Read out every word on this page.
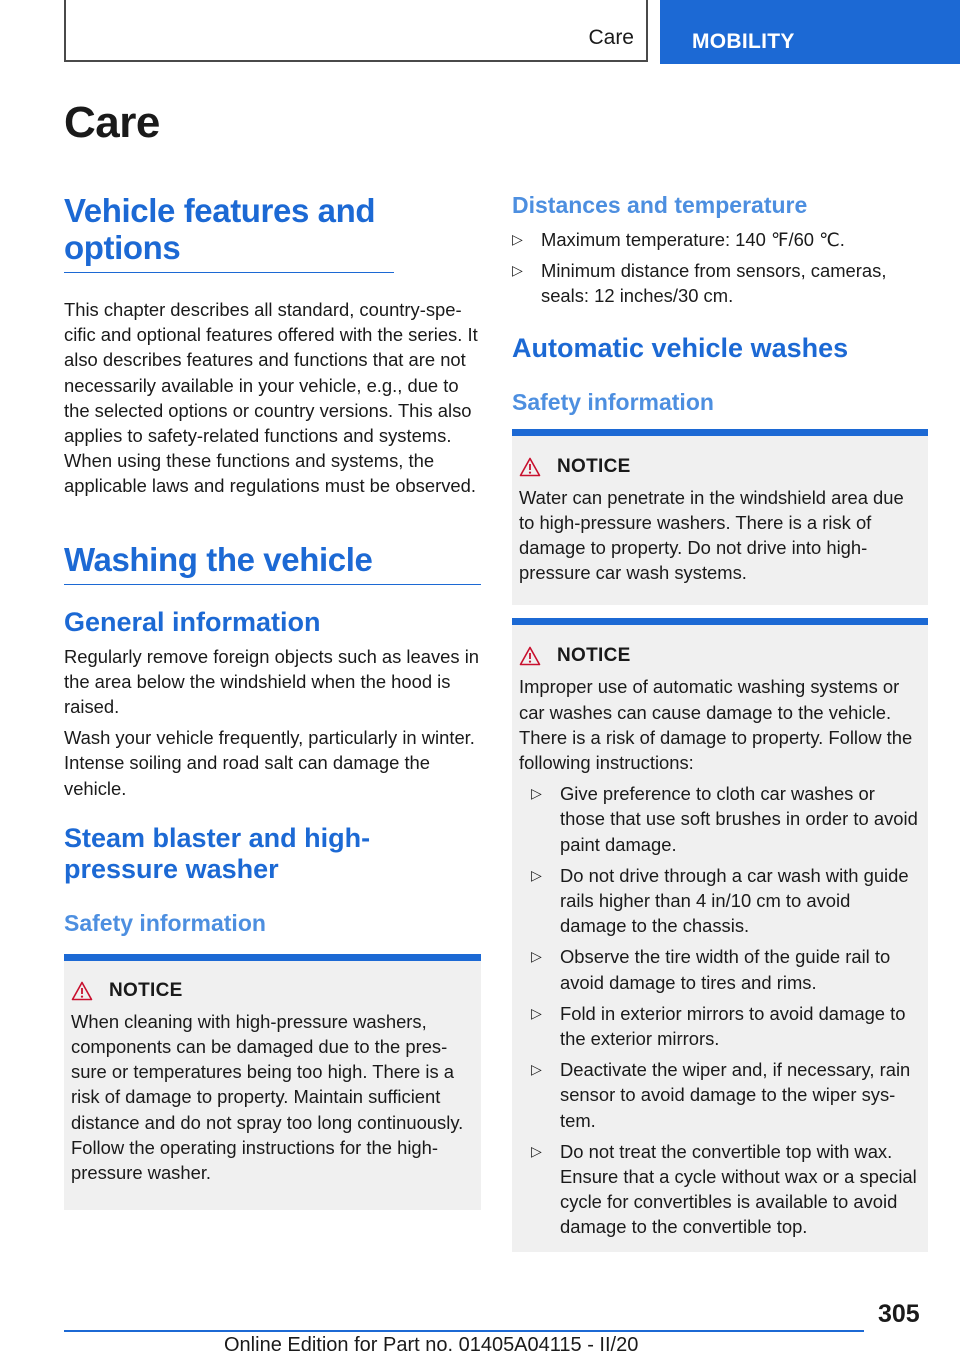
Care	MOBILITY
Care
Vehicle features and options

This chapter describes all standard, country-specific and optional features offered with the series. It also describes features and functions that are not necessarily available in your vehicle, e.g., due to the selected options or country versions. This also applies to safety-related functions and systems. When using these functions and systems, the applicable laws and regulations must be observed.

Washing the vehicle
General information

Regularly remove foreign objects such as leaves in the area below the windshield when the hood is raised.

Wash your vehicle frequently, particularly in winter. Intense soiling and road salt can damage the vehicle.

Steam blaster and high-pressure washer
Safety information
NOTICE

When cleaning with high-pressure washers, components can be damaged due to the pressure or temperatures being too high. There is a risk of damage to property. Maintain sufficient distance and do not spray too long continuously. Follow the operating instructions for the high-pressure washer.

Distances and temperature
▷ Maximum temperature: 140 ℉/60 ℃.
▷ Minimum distance from sensors, cameras, seals: 12 inches/30 cm.
Automatic vehicle washes
Safety information
NOTICE

Water can penetrate in the windshield area due to high-pressure washers. There is a risk of damage to property. Do not drive into high-pressure car wash systems.

NOTICE

Improper use of automatic washing systems or car washes can cause damage to the vehicle. There is a risk of damage to property. Follow the following instructions:

▷ Give preference to cloth car washes or those that use soft brushes in order to avoid paint damage.
▷ Do not drive through a car wash with guide rails higher than 4 in/10 cm to avoid damage to the chassis.
▷ Observe the tire width of the guide rail to avoid damage to tires and rims.
▷ Fold in exterior mirrors to avoid damage to the exterior mirrors.
▷ Deactivate the wiper and, if necessary, rain sensor to avoid damage to the wiper system.
▷ Do not treat the convertible top with wax. Ensure that a cycle without wax or a special cycle for convertibles is available to avoid damage to the convertible top.
305
Online Edition for Part no. 01405A04115 - II/20
